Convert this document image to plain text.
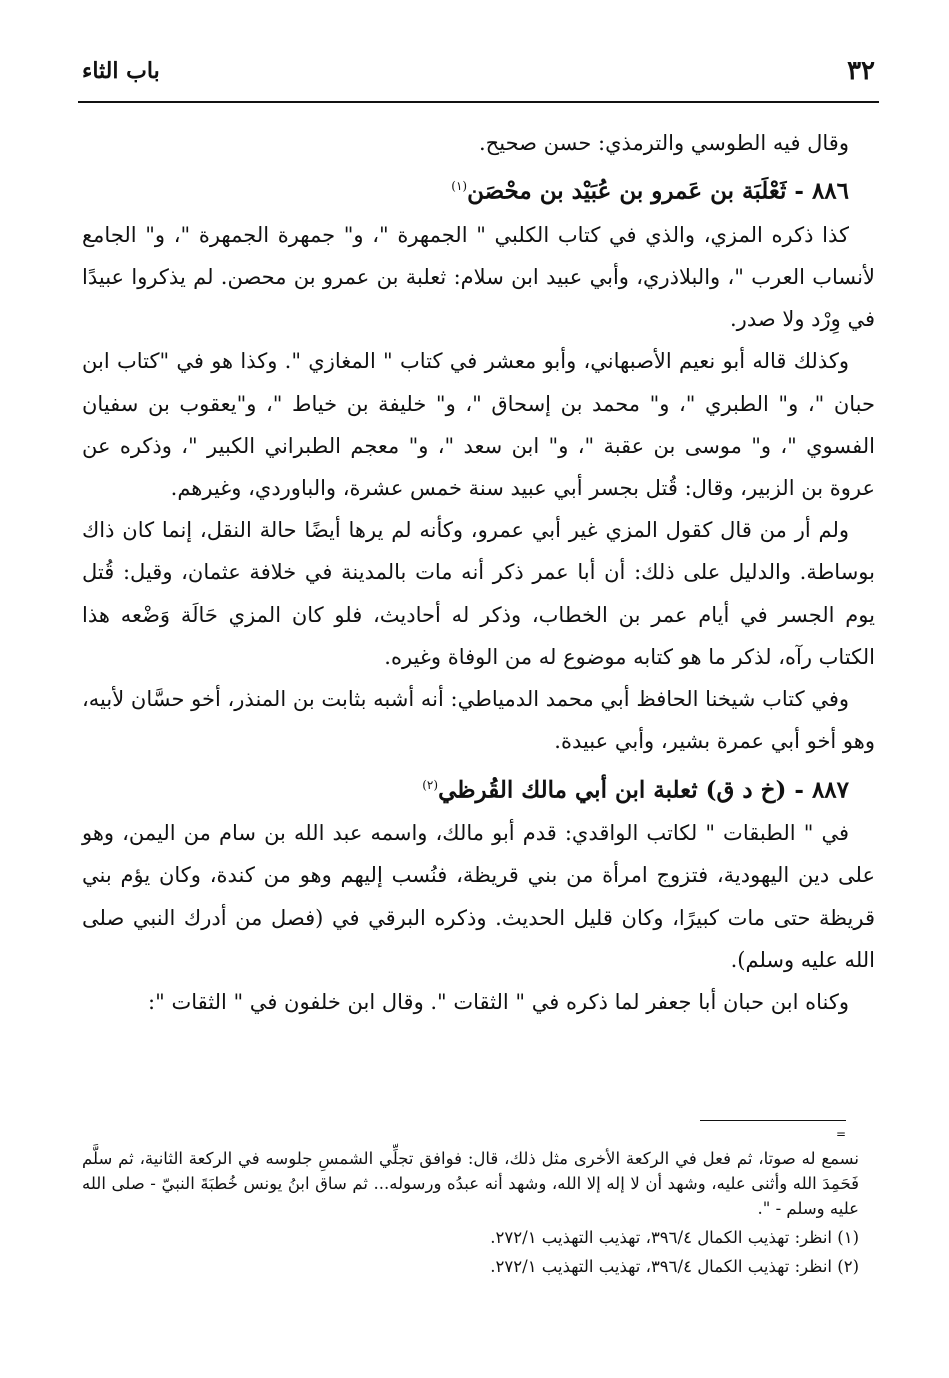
٣٢
باب الثاء

وقال فيه الطوسي والترمذي: حسن صحيح.

٨٨٦ - ثَعْلَبَة بن عَمرو بن عُبَيْد بن محْصَن$^{(١)}$

كذا ذكره المزي، والذي في كتاب الكلبي " الجمهرة "، و" جمهرة الجمهرة "، و" الجامع لأنساب العرب "، والبلاذري، وأبي عبيد ابن سلام: ثعلبة بن عمرو بن محصن. لم يذكروا عبيدًا في وِرْد ولا صدر.

وكذلك قاله أبو نعيم الأصبهاني، وأبو معشر في كتاب " المغازي ". وكذا هو في "كتاب ابن حبان "، و" الطبري "، و" محمد بن إسحاق "، و" خليفة بن خياط "، و"يعقوب بن سفيان الفسوي "، و" موسى بن عقبة "، و" ابن سعد "، و" معجم الطبراني الكبير "، وذكره عن عروة بن الزبير، وقال: قُتل بجسر أبي عبيد سنة خمس عشرة، والباوردي، وغيرهم.

ولم أر من قال كقول المزي غير أبي عمرو، وكأنه لم يرها أيضًا حالة النقل، إنما كان ذاك بوساطة. والدليل على ذلك: أن أبا عمر ذكر أنه مات بالمدينة في خلافة عثمان، وقيل: قُتل يوم الجسر في أيام عمر بن الخطاب، وذكر له أحاديث، فلو كان المزي حَالَة وَضْعه هذا الكتاب رآه، لذكر ما هو كتابه موضوع له من الوفاة وغيره.

وفي كتاب شيخنا الحافظ أبي محمد الدمياطي: أنه أشبه بثابت بن المنذر، أخو حسَّان لأبيه، وهو أخو أبي عمرة بشير، وأبي عبيدة.

٨٨٧ - (خ د ق) ثعلبة ابن أبي مالك القُرظي$^{(٢)}$

في " الطبقات " لكاتب الواقدي: قدم أبو مالك، واسمه عبد الله بن سام من اليمن، وهو على دين اليهودية، فتزوج امرأة من بني قريظة، فنُسب إليهم وهو من كندة، وكان يؤم بني قريظة حتى مات كبيرًا، وكان قليل الحديث. وذكره البرقي في (فصل من أدرك النبي صلى الله عليه وسلم).

وكناه ابن حبان أبا جعفر لما ذكره في " الثقات ". وقال ابن خلفون في " الثقات ":

=

نسمع له صوتا، ثم فعل في الركعة الأخرى مثل ذلك، قال: فوافق تجلِّي الشمسِ جلوسه في الركعة الثانية، ثم سلَّم فَحَمِدَ الله وأثنى عليه، وشهد أن لا إله إلا الله، وشهد أنه عبدُه ورسوله... ثم ساق ابنُ يونس خُطبَةَ النبيّ - صلى الله عليه وسلم - ".

(١) انظر: تهذيب الكمال ٣٩٦/٤، تهذيب التهذيب ٢٧٢/١.

(٢) انظر: تهذيب الكمال ٣٩٦/٤، تهذيب التهذيب ٢٧٢/١.
